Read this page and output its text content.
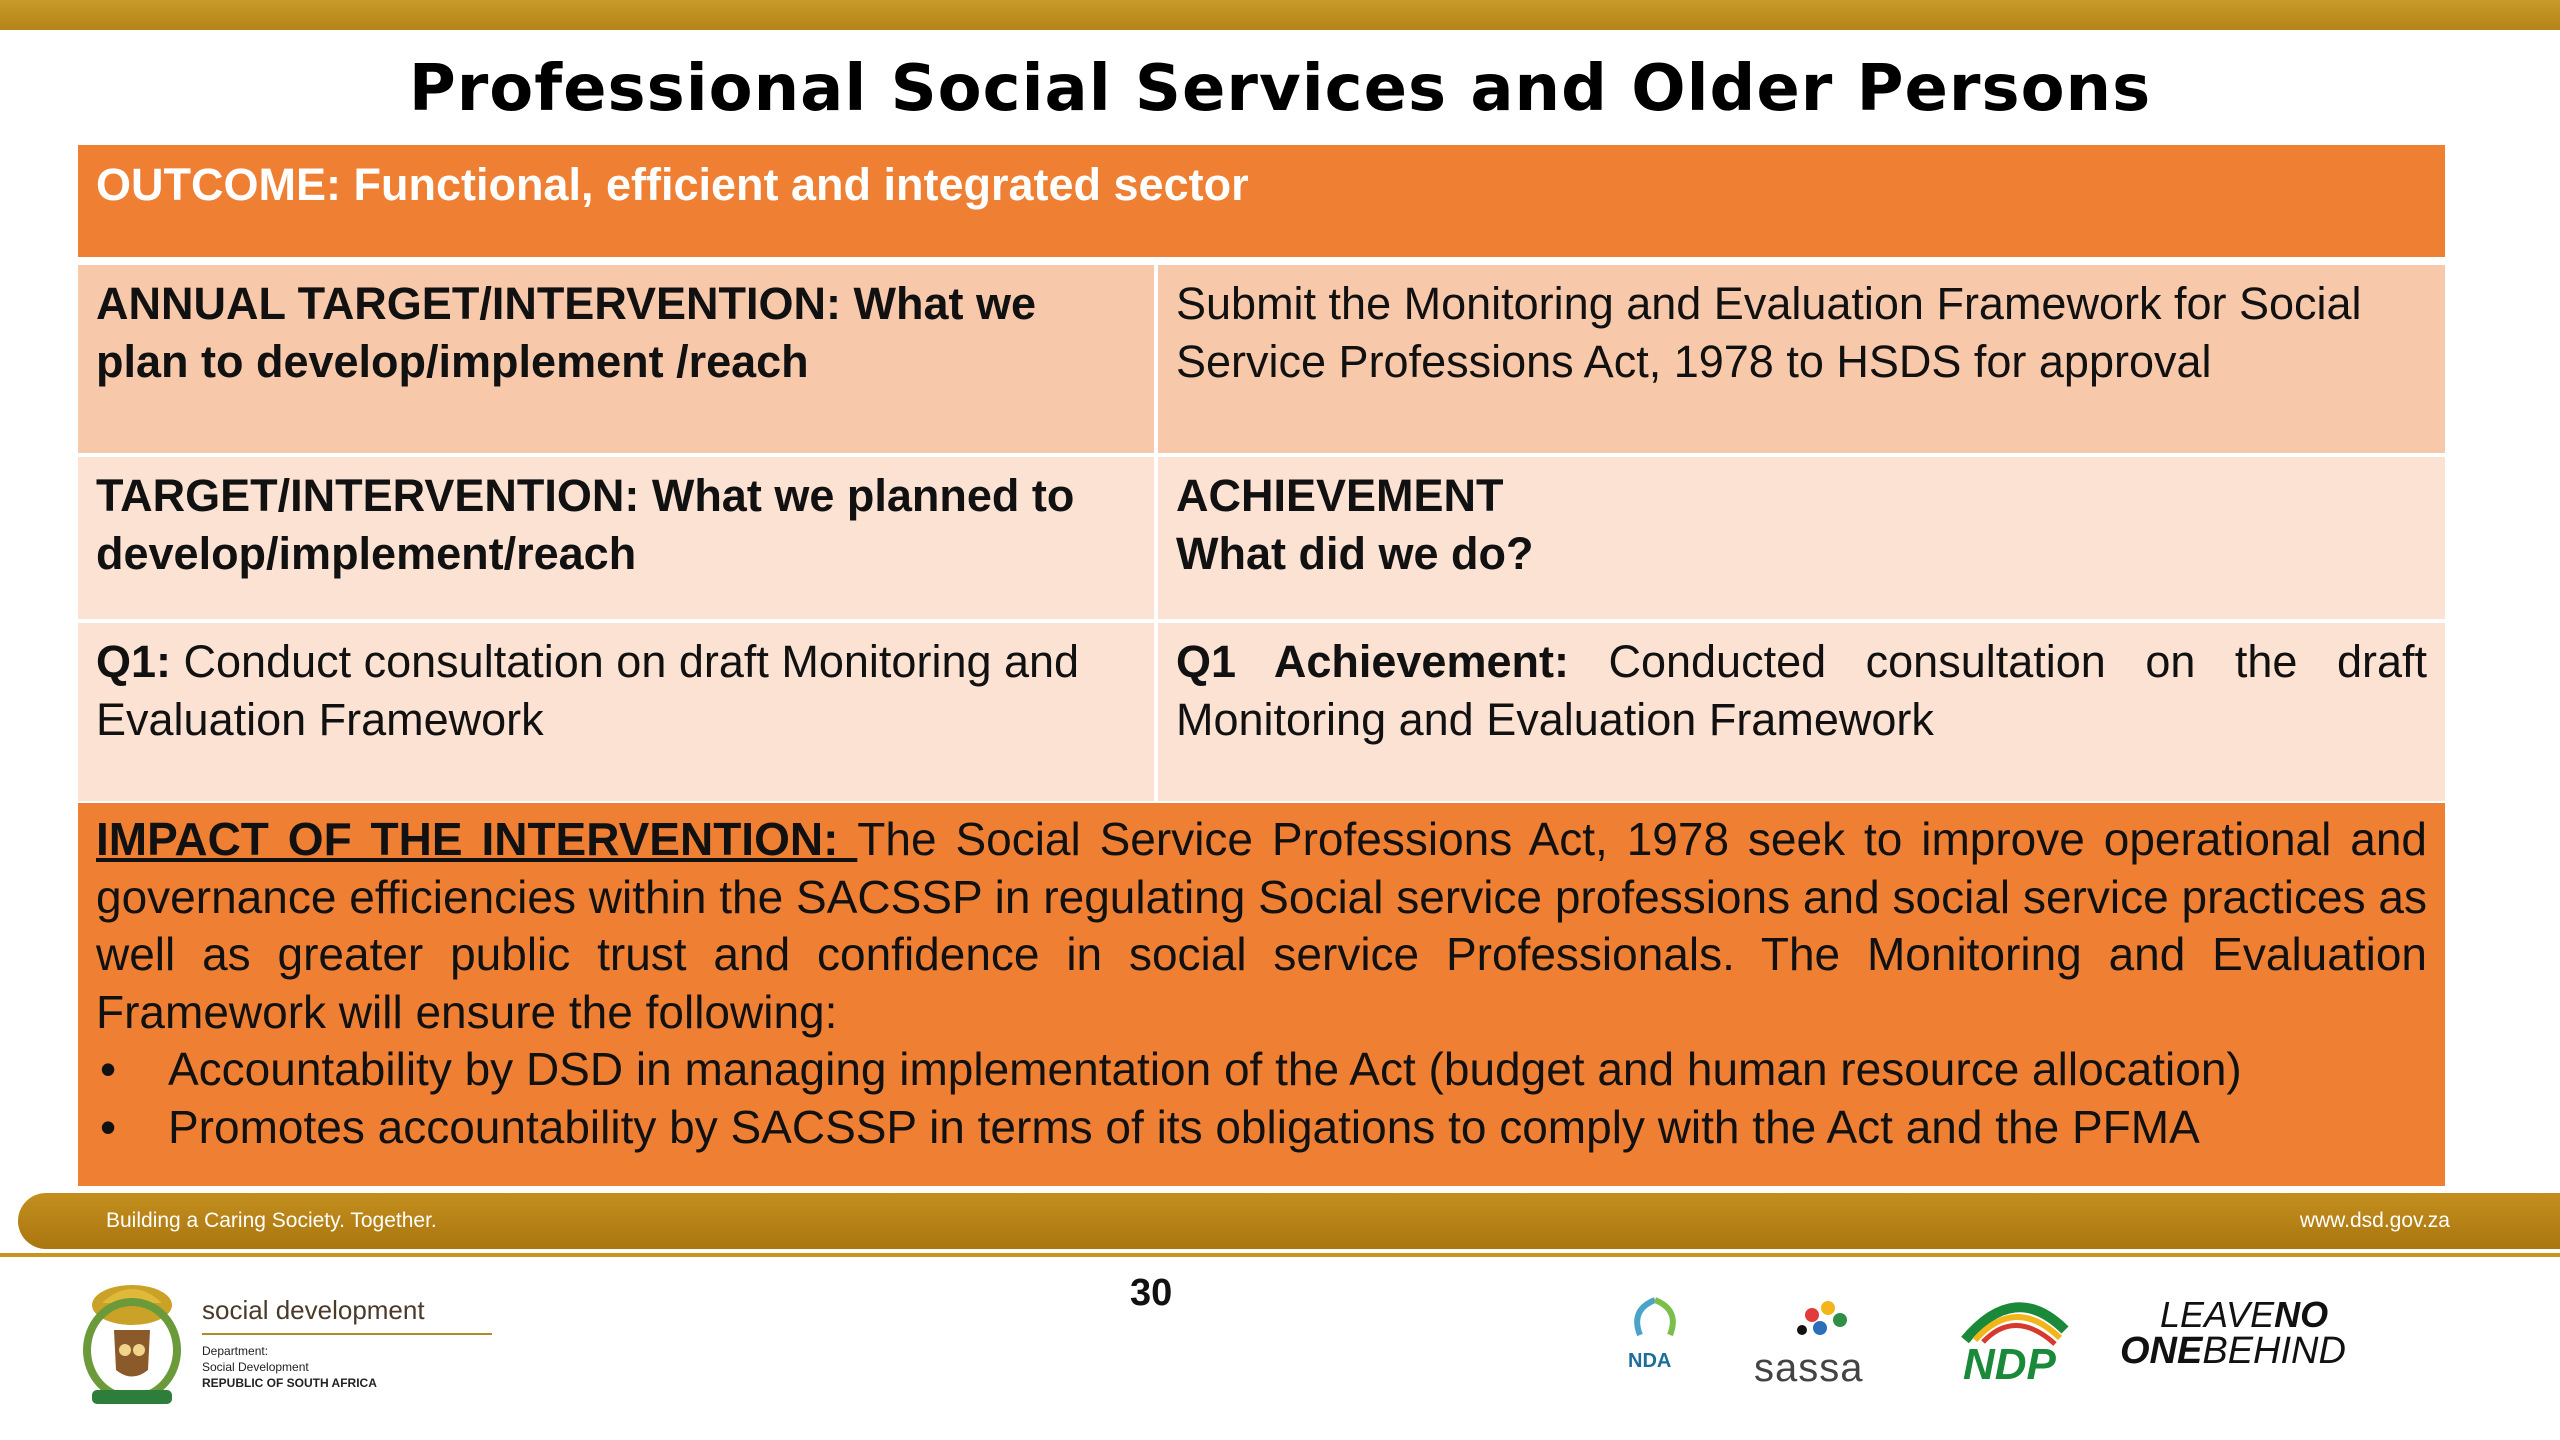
Professional Social Services and Older Persons
OUTCOME: Functional, efficient and integrated sector
ANNUAL TARGET/INTERVENTION: What we plan to develop/implement /reach
Submit the Monitoring and Evaluation Framework for Social Service Professions Act, 1978 to HSDS for approval
TARGET/INTERVENTION: What we planned to develop/implement/reach
ACHIEVEMENT
What did we do?
Q1: Conduct consultation on draft Monitoring and Evaluation Framework
Q1 Achievement: Conducted consultation on the draft Monitoring and Evaluation Framework
IMPACT OF THE INTERVENTION: The Social Service Professions Act, 1978 seek to improve operational and governance efficiencies within the SACSSP in regulating Social service professions and social service practices as well as greater public trust and confidence in social service Professionals. The Monitoring and Evaluation Framework will ensure the following:
• Accountability by DSD in managing implementation of the Act (budget and human resource allocation)
• Promotes accountability by SACSSP in terms of its obligations to comply with the Act and the PFMA
Building a Caring Society. Together.	www.dsd.gov.za
30
social development
Department:
Social Development
REPUBLIC OF SOUTH AFRICA
NDA sassa NDP
LEAVENO
ONEBEHIND
